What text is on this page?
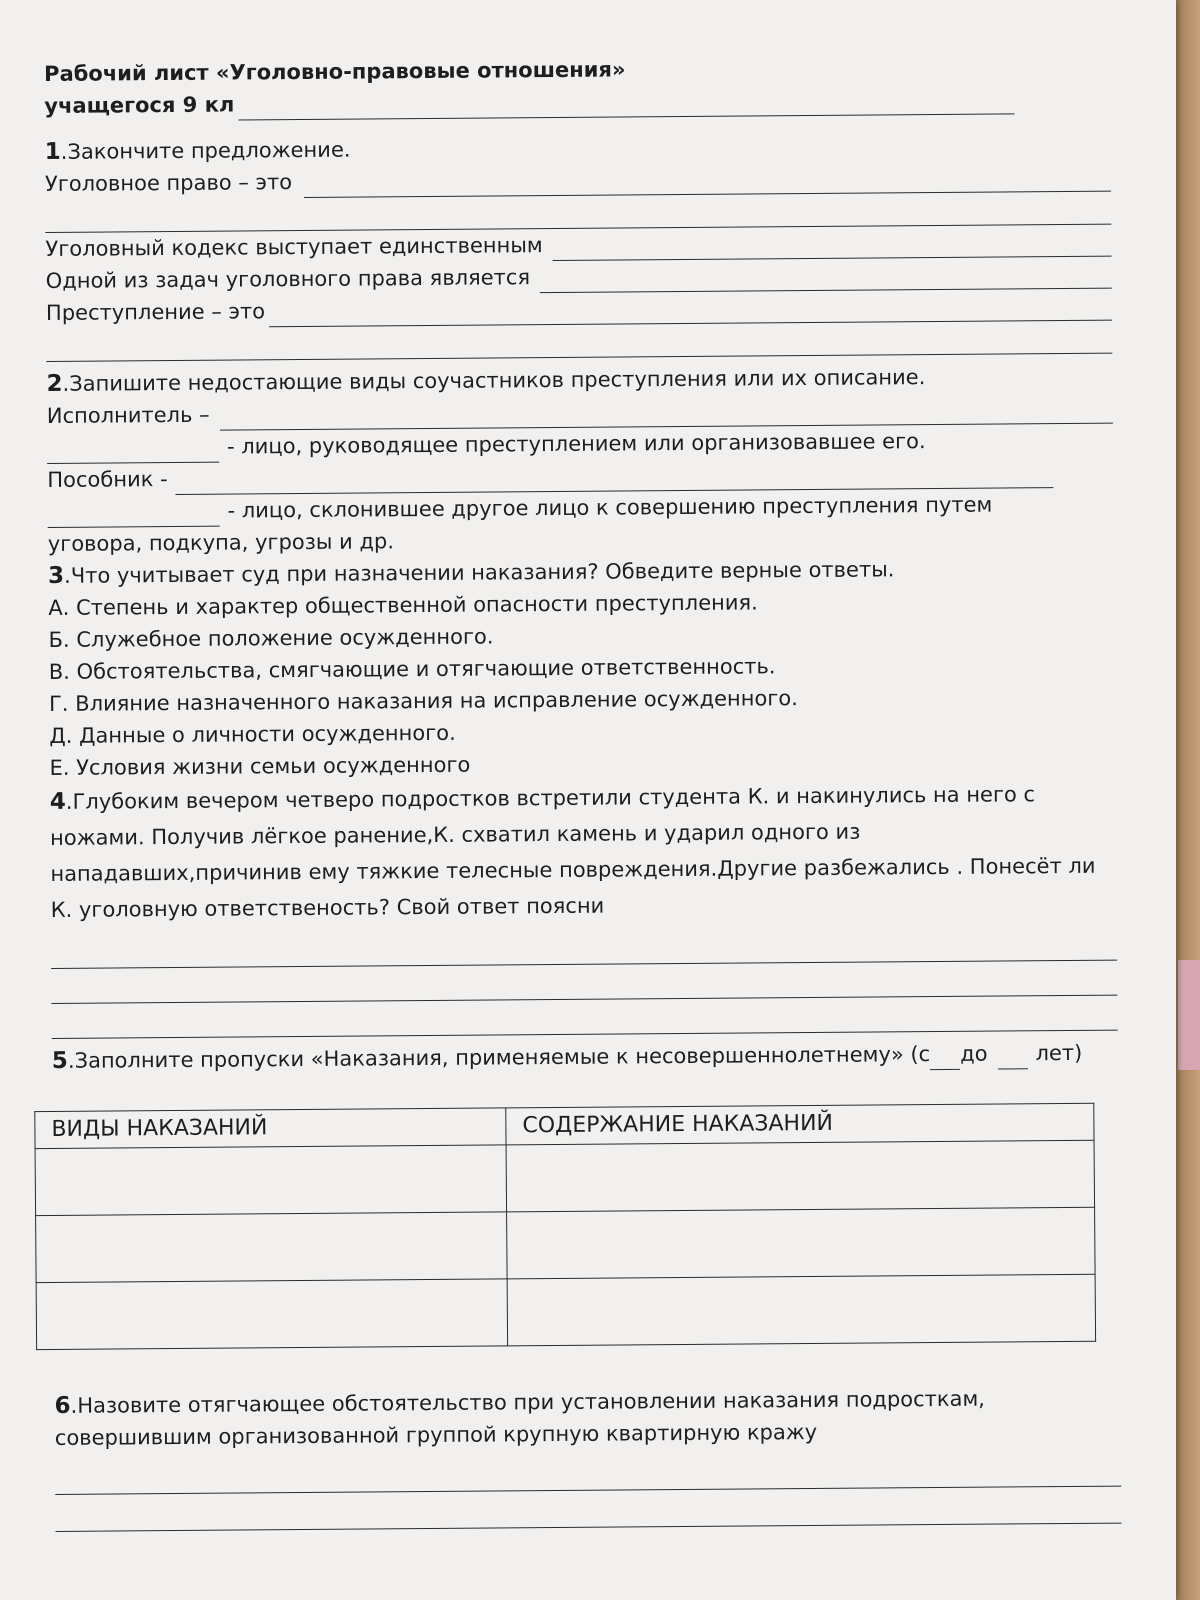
Рабочий лист «Уголовно-правовые отношения»
учащегося 9 кл
1 .Закончите предложение.
Уголовное право – это
Уголовный кодекс выступает единственным
Одной из задач уголовного права является
Преступление – это
2 .Запишите недостающие виды соучастников преступления или их описание.
Исполнитель –
- лицо, руководящее преступлением или организовавшее его.
Пособник -
- лицо, склонившее другое лицо к совершению преступления путем
уговора, подкупа, угрозы и др.
3 .Что учитывает суд при назначении наказания? Обведите верные ответы.
А. Степень и характер общественной опасности преступления.
Б. Служебное положение осужденного.
В. Обстоятельства, смягчающие и отягчающие ответственность.
Г. Влияние назначенного наказания на исправление осужденного.
Д. Данные о личности осужденного.
Е. Условия жизни семьи осужденного
4.Глубоким вечером четверо подростков встретили студента К. и накинулись на него с ножами. Получив лёгкое ранение,К. схватил камень и ударил одного из нападавших,причинив ему тяжкие телесные повреждения.Другие разбежались . Понесёт ли К. уголовную ответственость? Свой ответ поясни
5 .Заполните пропуски «Наказания, применяемые к несовершеннолетнему» (с до лет)
ВИДЫ НАКАЗАНИЙ	СОДЕРЖАНИЕ НАКАЗАНИЙ

6 .Назовите отягчающее обстоятельство при установлении наказания подросткам,
совершившим организованной группой крупную квартирную кражу
